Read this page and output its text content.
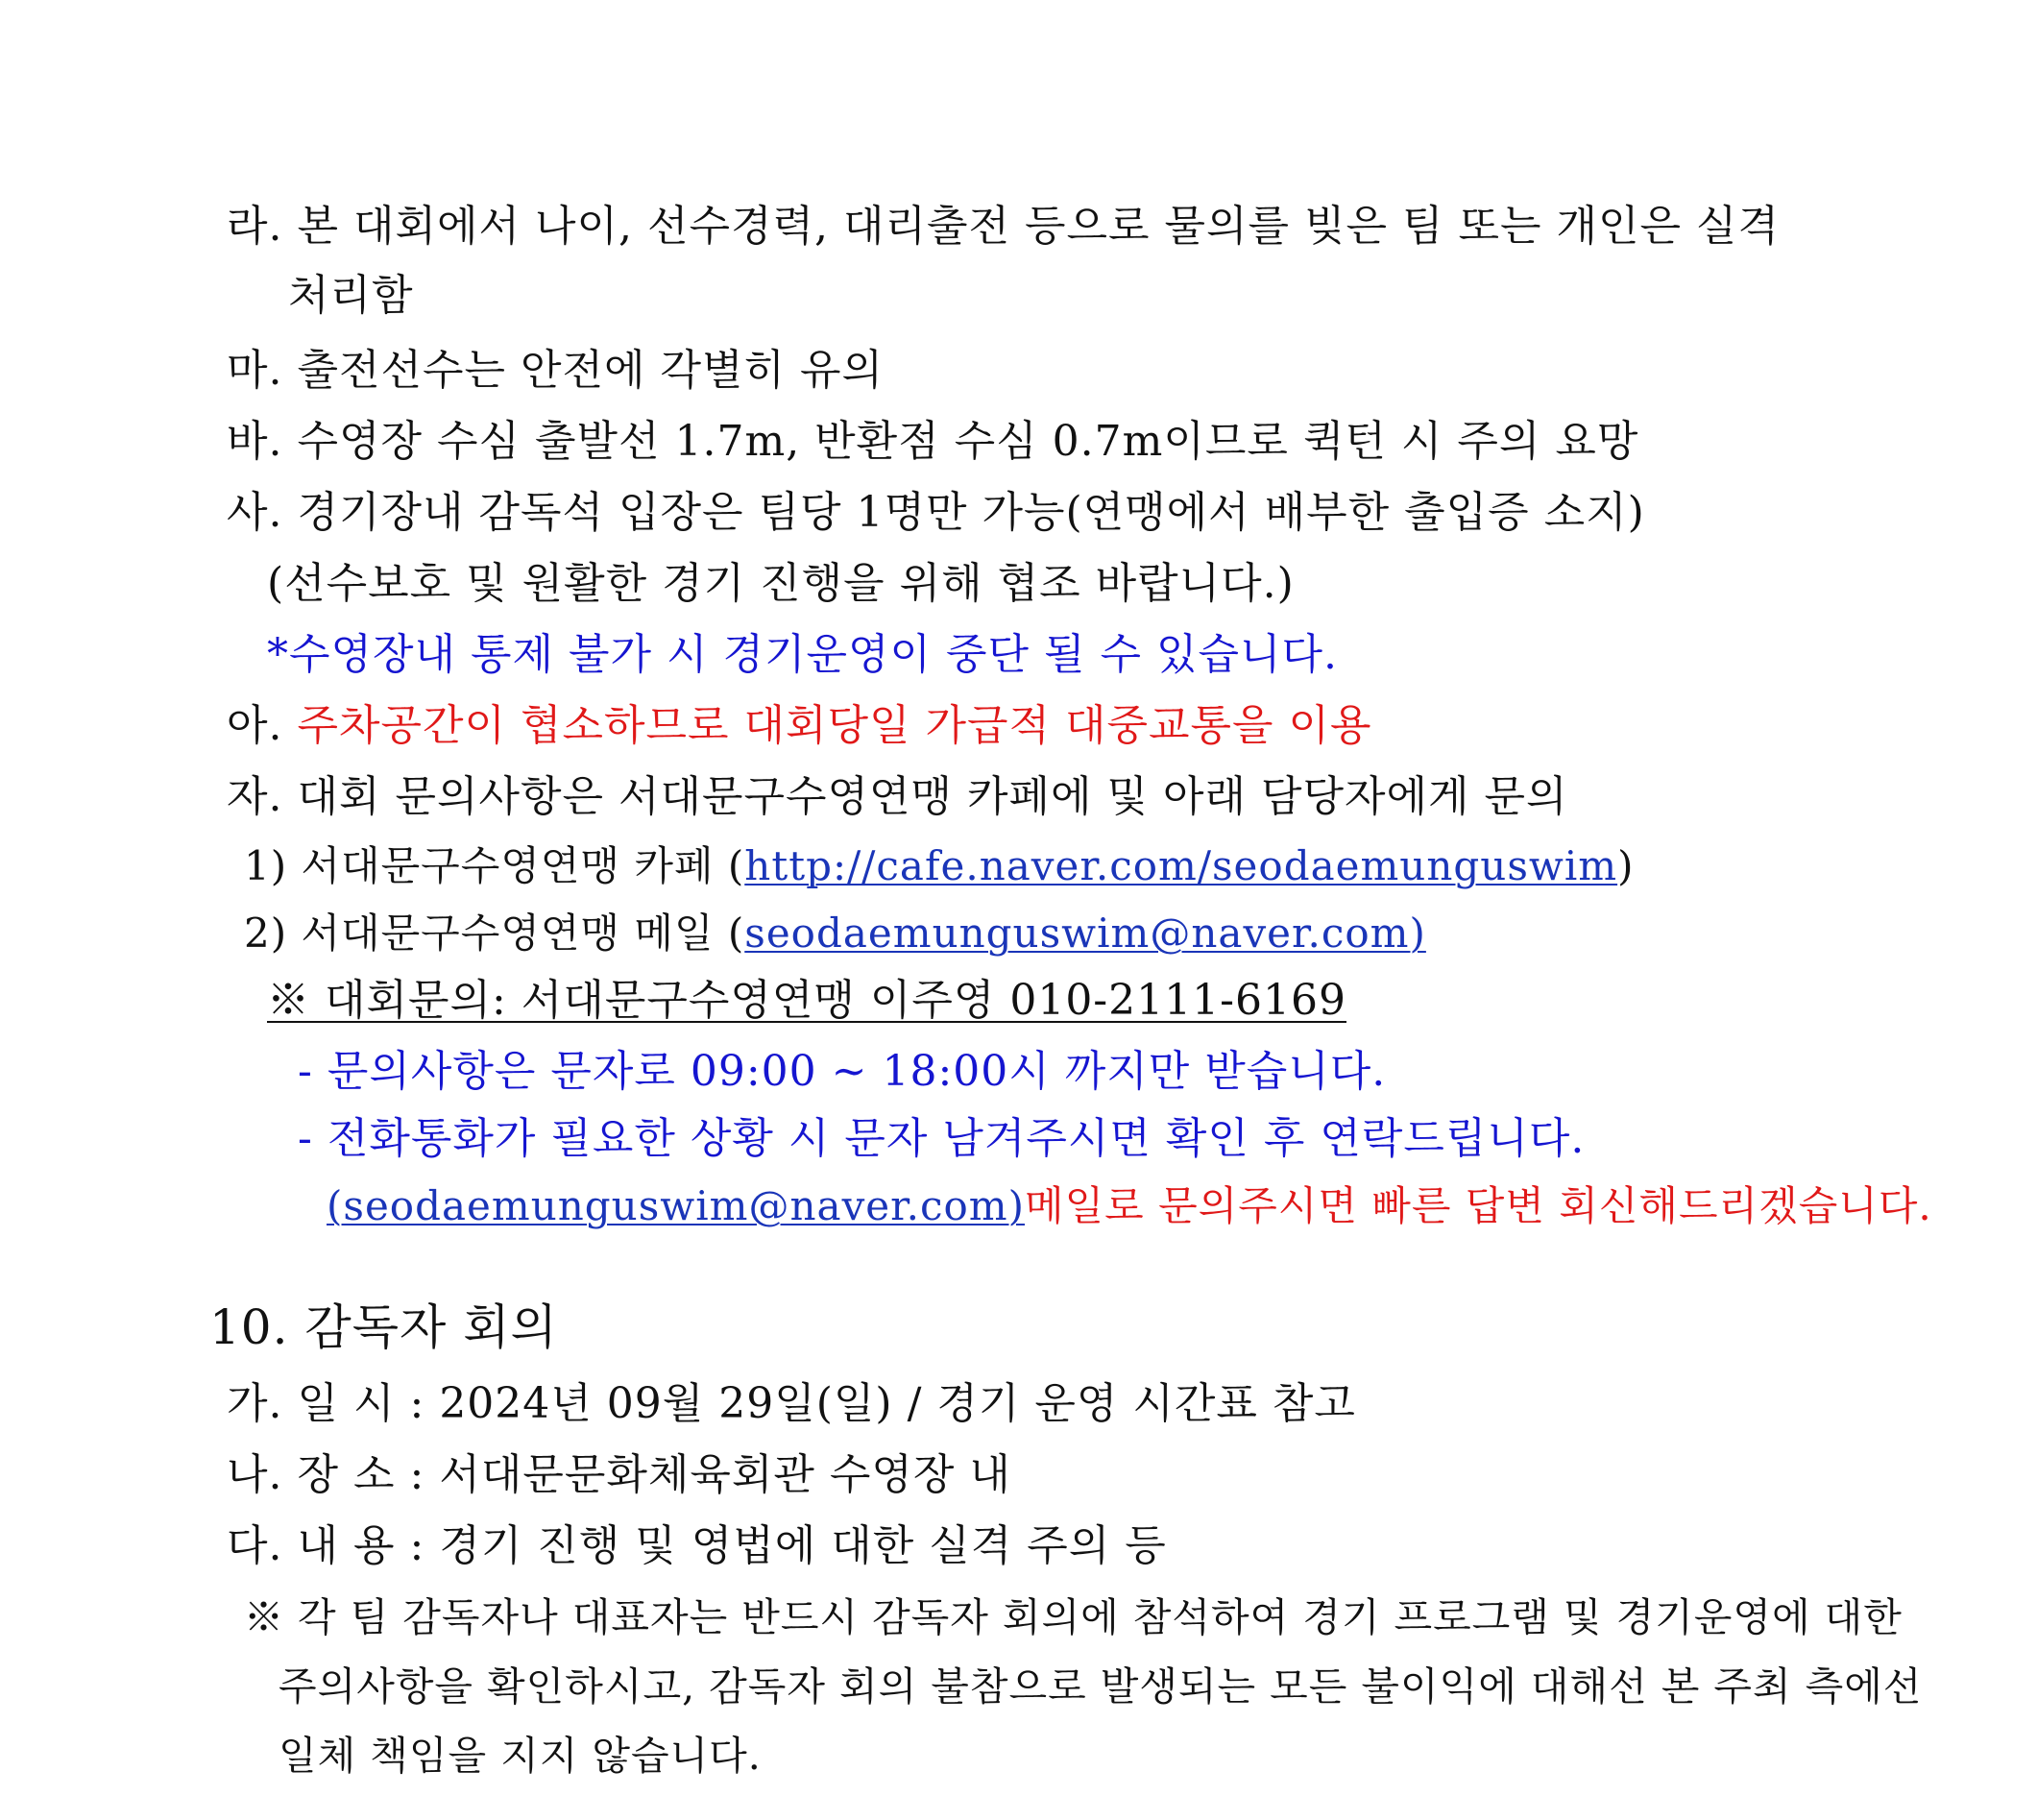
라. 본 대회에서 나이, 선수경력, 대리출전 등으로 물의를 빚은 팀 또는 개인은 실격
처리함
마. 출전선수는 안전에 각별히 유의
바. 수영장 수심 출발선 1.7m, 반환점 수심 0.7m이므로 퀵턴 시 주의 요망
사. 경기장내 감독석 입장은 팀당 1명만 가능(연맹에서 배부한 출입증 소지)
(선수보호 및 원활한 경기 진행을 위해 협조 바랍니다.)
*수영장내 통제 불가 시 경기운영이 중단 될 수 있습니다.
아. 주차공간이 협소하므로 대회당일 가급적 대중교통을 이용
자. 대회 문의사항은 서대문구수영연맹 카페에 및 아래 담당자에게 문의
1) 서대문구수영연맹 카페 (http://cafe.naver.com/seodaemunguswim)
2) 서대문구수영연맹 메일 (seodaemunguswim@naver.com)
※ 대회문의: 서대문구수영연맹 이주영 010-2111-6169
- 문의사항은 문자로 09:00 ~ 18:00시 까지만 받습니다.
- 전화통화가 필요한 상황 시 문자 남겨주시면 확인 후 연락드립니다.
(seodaemunguswim@naver.com)메일로 문의주시면 빠른 답변 회신해드리겠습니다.
10. 감독자 회의
가. 일 시 : 2024년 09월 29일(일) / 경기 운영 시간표 참고
나. 장 소 : 서대문문화체육회관 수영장 내
다. 내 용 : 경기 진행 및 영법에 대한 실격 주의 등
※ 각 팀 감독자나 대표자는 반드시 감독자 회의에 참석하여 경기 프로그램 및 경기운영에 대한
주의사항을 확인하시고, 감독자 회의 불참으로 발생되는 모든 불이익에 대해선 본 주최 측에선
일체 책임을 지지 않습니다.
